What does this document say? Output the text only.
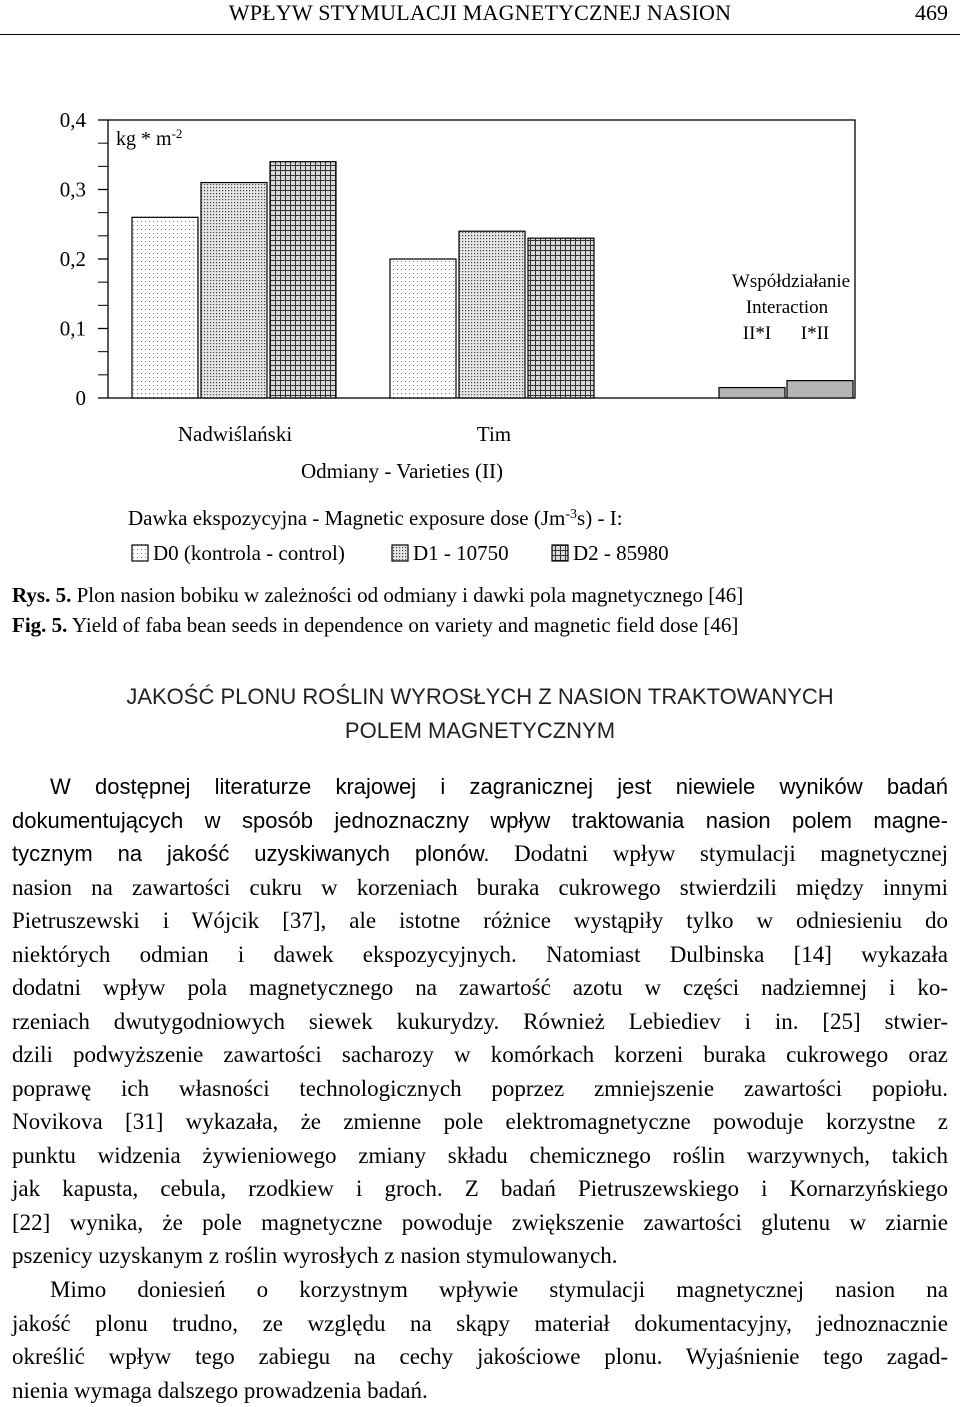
WPŁYW STYMULACJI MAGNETYCZNEJ NASION	469
0
0,1
0,2
0,3
0,4
kg * $m^{-2}$
Współdziałanie
Interaction
II*I I*II
Nadwiślański	Tim
Odmiany - Varieties (II)
Dawka ekspozycyjna - Magnetic exposure dose $(Jm^{-3}s)$ - I:
D0 (kontrola - control)	D1 - 10750	D2 - 85980
Rys. 5. Plon nasion bobiku w zależności od odmiany i dawki pola magnetycznego [46]
Fig. 5. Yield of faba bean seeds in dependence on variety and magnetic field dose [46]
JAKOŚĆ PLONU ROŚLIN WYROSŁYCH Z NASION TRAKTOWANYCH
POLEM MAGNETYCZNYM
W dostępnej literaturze krajowej i zagranicznej jest niewiele wyników badań
dokumentujących w sposób jednoznaczny wpływ traktowania nasion polem magne-
tycznym na jakość uzyskiwanych plonów. Dodatni wpływ stymulacji magnetycznej
nasion na zawartości cukru w korzeniach buraka cukrowego stwierdzili między innymi
Pietruszewski i Wójcik [37], ale istotne różnice wystąpiły tylko w odniesieniu do
niektórych odmian i dawek ekspozycyjnych. Natomiast Dulbinska [14] wykazała
dodatni wpływ pola magnetycznego na zawartość azotu w części nadziemnej i ko-
rzeniach dwutygodniowych siewek kukurydzy. Również Lebiediev i in. [25] stwier-
dzili podwyższenie zawartości sacharozy w komórkach korzeni buraka cukrowego oraz
poprawę ich własności technologicznych poprzez zmniejszenie zawartości popiołu.
Novikova [31] wykazała, że zmienne pole elektromagnetyczne powoduje korzystne z
punktu widzenia żywieniowego zmiany składu chemicznego roślin warzywnych, takich
jak kapusta, cebula, rzodkiew i groch. Z badań Pietruszewskiego i Kornarzyńskiego
[22] wynika, że pole magnetyczne powoduje zwiększenie zawartości glutenu w ziarnie
pszenicy uzyskanym z roślin wyrosłych z nasion stymulowanych.
Mimo doniesień o korzystnym wpływie stymulacji magnetycznej nasion na
jakość plonu trudno, ze względu na skąpy materiał dokumentacyjny, jednoznacznie
określić wpływ tego zabiegu na cechy jakościowe plonu. Wyjaśnienie tego zagad-
nienia wymaga dalszego prowadzenia badań.
